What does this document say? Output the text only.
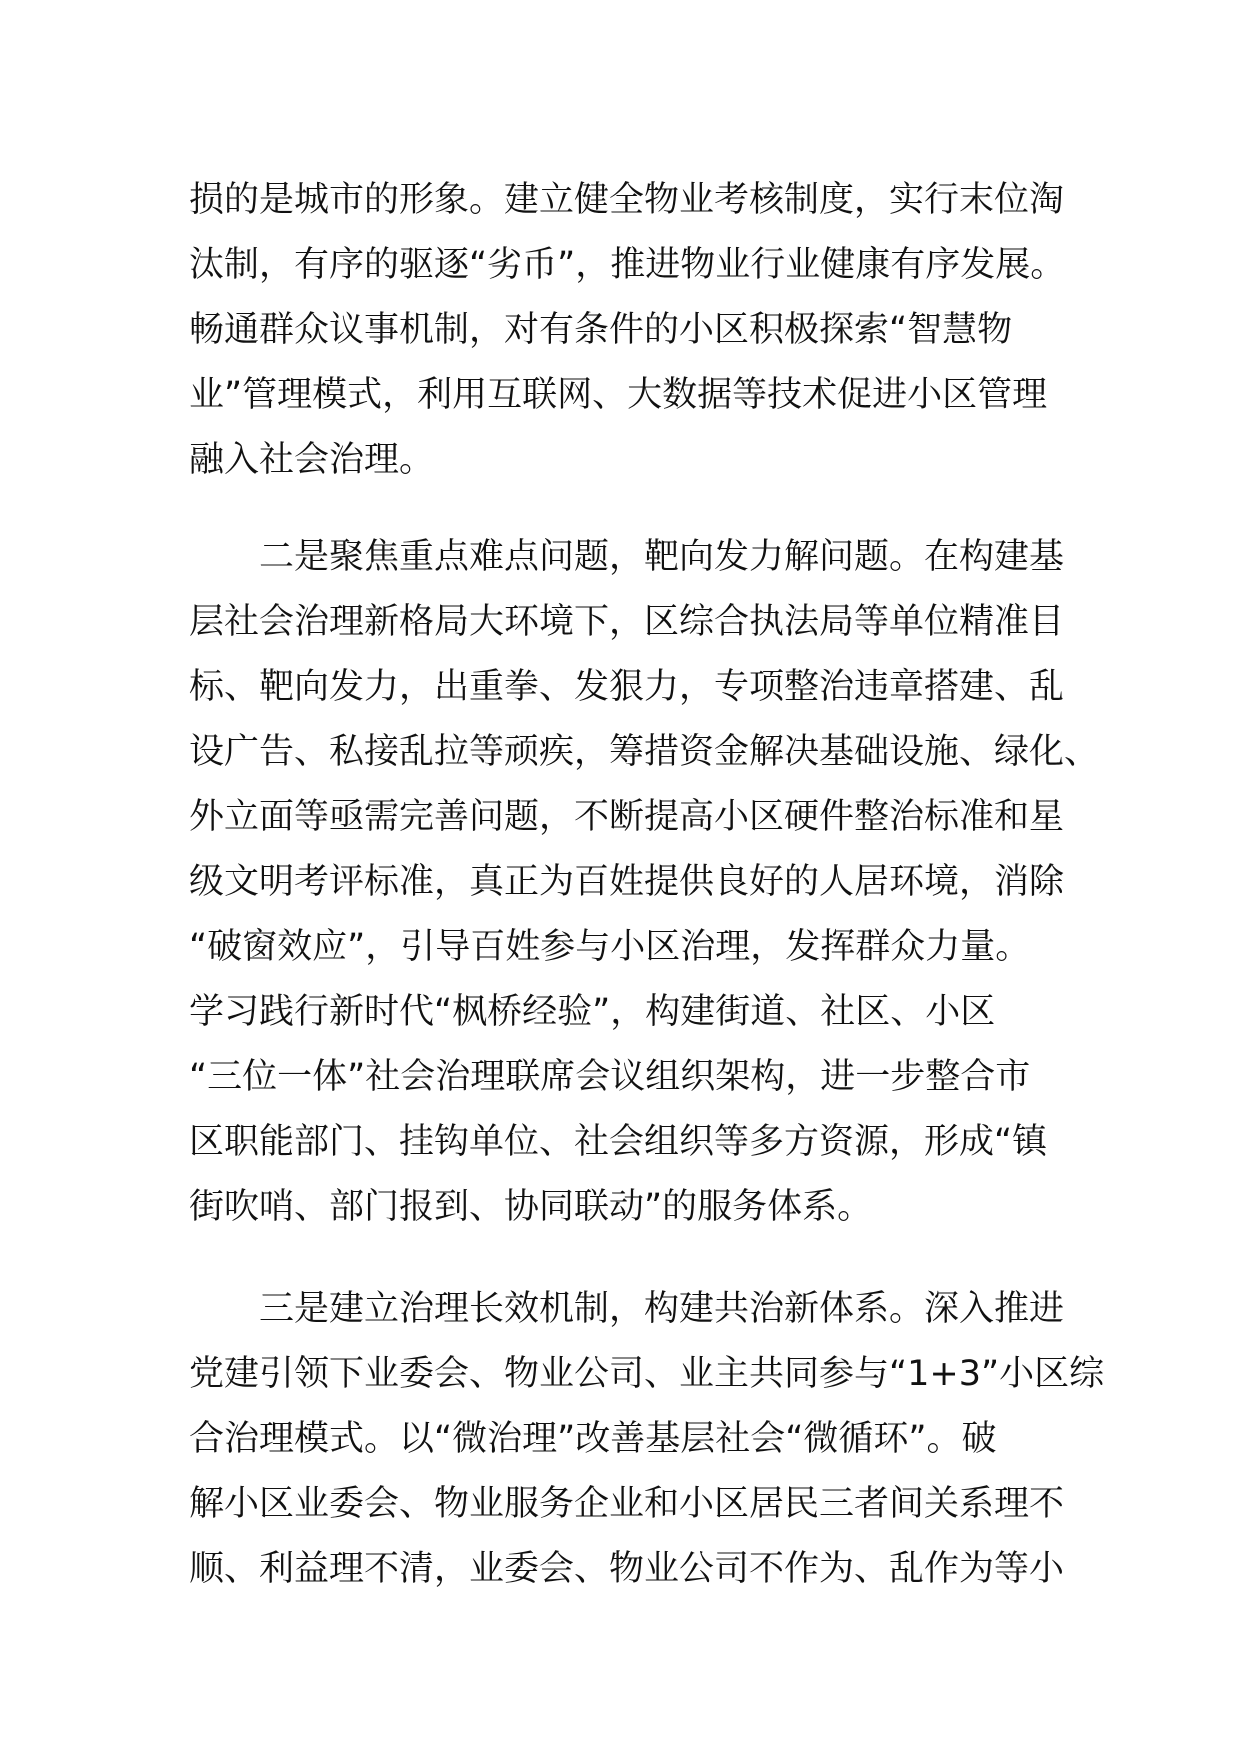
损的是城市的形象。建立健全物业考核制度，实行末位淘
汰制，有序的驱逐“劣币”，推进物业行业健康有序发展。
畅通群众议事机制，对有条件的小区积极探索“智慧物
业”管理模式，利用互联网、大数据等技术促进小区管理
融入社会治理。
二是聚焦重点难点问题，靶向发力解问题。在构建基
层社会治理新格局大环境下，区综合执法局等单位精准目
标、靶向发力，出重拳、发狠力，专项整治违章搭建、乱
设广告、私接乱拉等顽疾，筹措资金解决基础设施、绿化、
外立面等亟需完善问题，不断提高小区硬件整治标准和星
级文明考评标准，真正为百姓提供良好的人居环境，消除
“破窗效应”，引导百姓参与小区治理，发挥群众力量。
学习践行新时代“枫桥经验”，构建街道、社区、小区
“三位一体”社会治理联席会议组织架构，进一步整合市
区职能部门、挂钩单位、社会组织等多方资源，形成“镇
街吹哨、部门报到、协同联动”的服务体系。
三是建立治理长效机制，构建共治新体系。深入推进
党建引领下业委会、物业公司、业主共同参与“1+3”小区综
合治理模式。以“微治理”改善基层社会“微循环”。破
解小区业委会、物业服务企业和小区居民三者间关系理不
顺、利益理不清，业委会、物业公司不作为、乱作为等小
